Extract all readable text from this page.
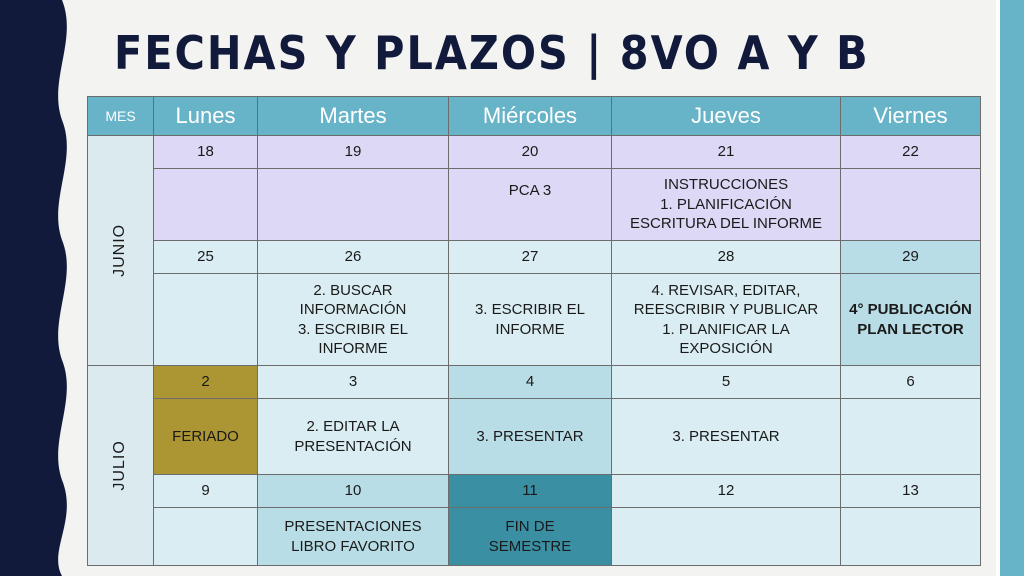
FECHAS Y PLAZOS | 8VO A Y B
MES	Lunes	Martes	Miércoles	Jueves	Viernes
JUNIO	18	19	20	21	22
			PCA 3	INSTRUCCIONES
1. PLANIFICACIÓN
ESCRITURA DEL INFORME	
	25	26	27	28	29
		2. BUSCAR
INFORMACIÓN
3. ESCRIBIR EL
INFORME	3. ESCRIBIR EL
INFORME	4. REVISAR, EDITAR,
REESCRIBIR Y PUBLICAR
1. PLANIFICAR LA
EXPOSICIÓN	4° PUBLICACIÓN
PLAN LECTOR
JULIO	2	3	4	5	6
	FERIADO	2. EDITAR LA
PRESENTACIÓN	3. PRESENTAR	3. PRESENTAR	
	9	10	11	12	13
		PRESENTACIONES
LIBRO FAVORITO	FIN DE
SEMESTRE		
